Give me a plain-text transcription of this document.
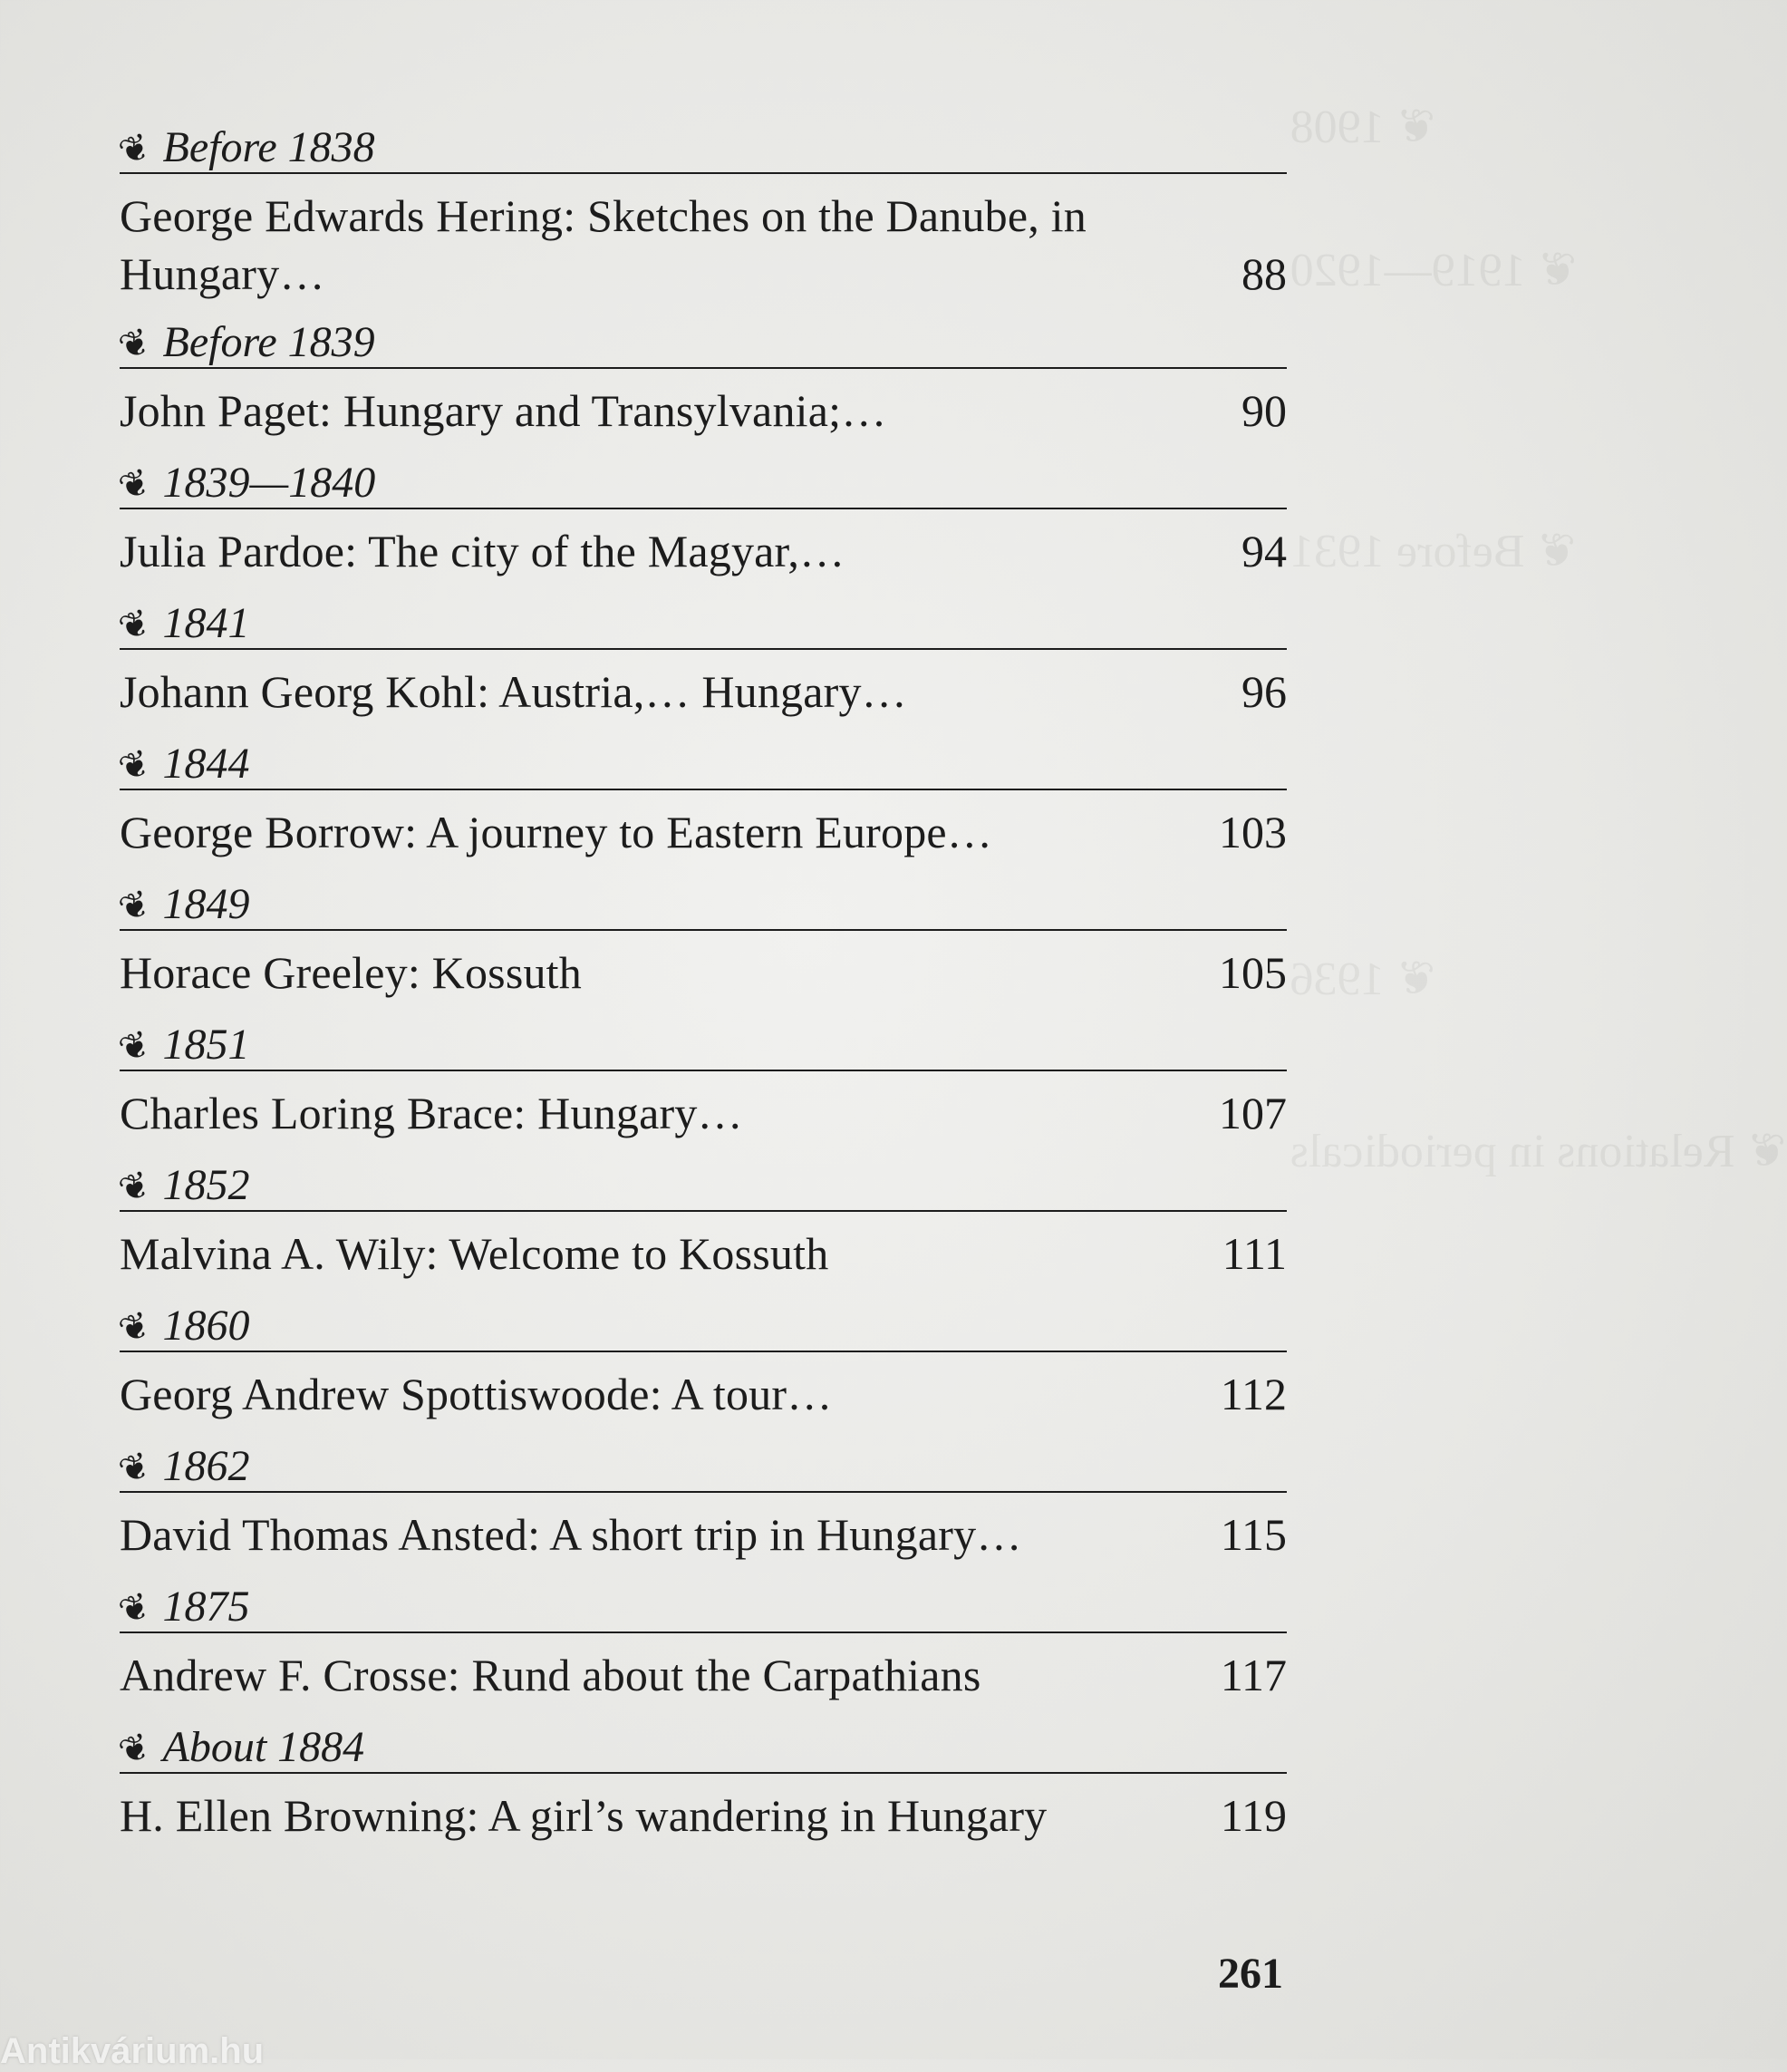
❦ 1908
❦ 1919—1920
❦ Before 1931
❦ 1936
❦ Relations in periodicals
❦ Before 1838
George Edwards Hering: Sketches on the Danube, in Hungary…	88
❦ Before 1839
John Paget: Hungary and Transylvania;…	90
❦ 1839—1840
Julia Pardoe: The city of the Magyar,…	94
❦ 1841
Johann Georg Kohl: Austria,… Hungary…	96
❦ 1844
George Borrow: A journey to Eastern Europe…	103
❦ 1849
Horace Greeley: Kossuth	105
❦ 1851
Charles Loring Brace: Hungary…	107
❦ 1852
Malvina A. Wily: Welcome to Kossuth	111
❦ 1860
Georg Andrew Spottiswoode: A tour…	112
❦ 1862
David Thomas Ansted: A short trip in Hungary…	115
❦ 1875
Andrew F. Crosse: Rund about the Carpathians	117
❦ About 1884
H. Ellen Browning: A girl’s wandering in Hungary	119
261
Antikvárium.hu
